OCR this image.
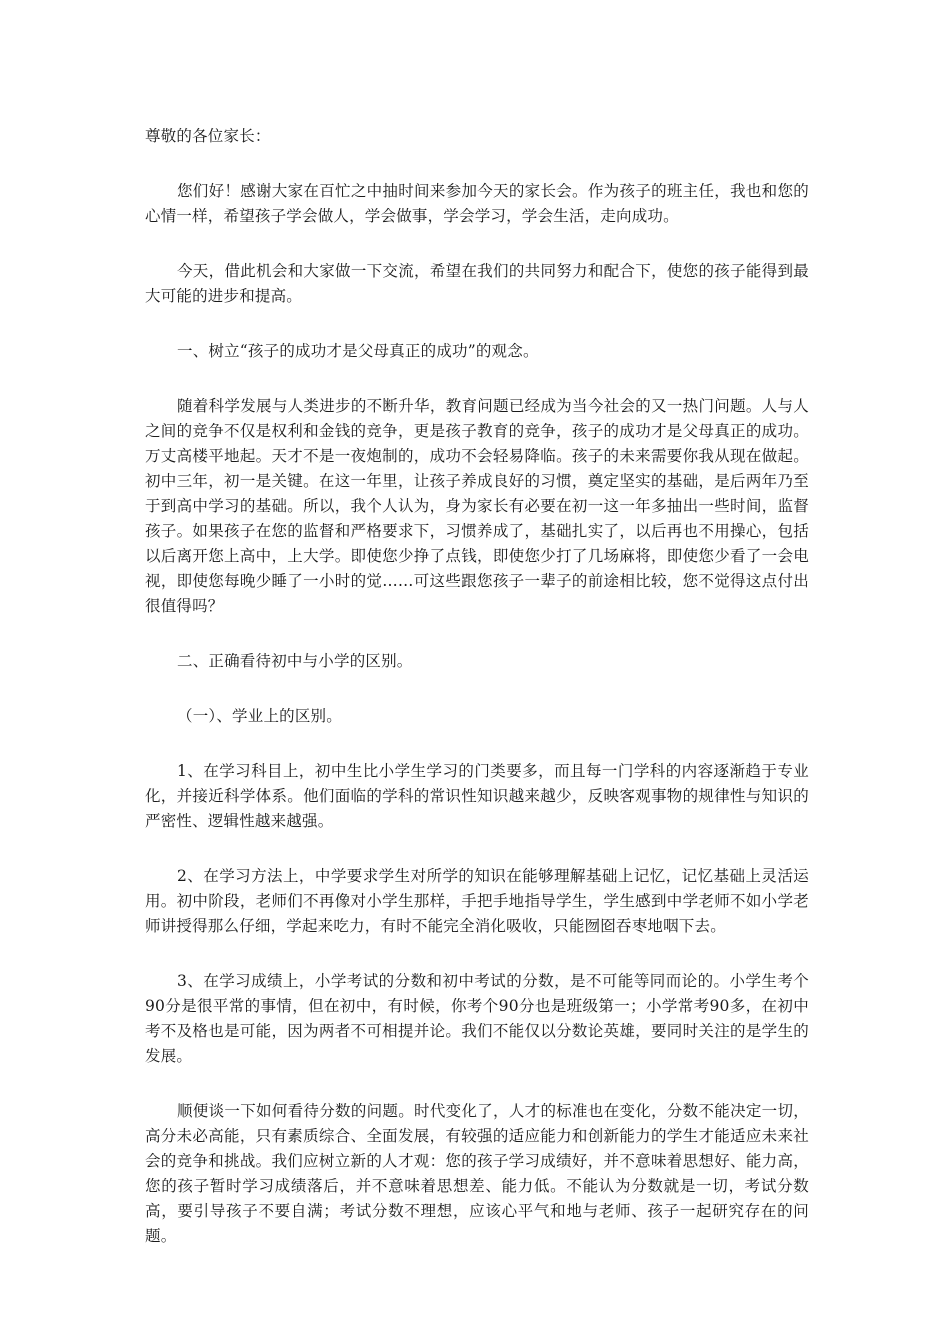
尊敬的各位家长：

您们好！感谢大家在百忙之中抽时间来参加今天的家长会。作为孩子的班主任，我也和您的心情一样，希望孩子学会做人，学会做事，学会学习，学会生活，走向成功。

今天，借此机会和大家做一下交流，希望在我们的共同努力和配合下，使您的孩子能得到最大可能的进步和提高。

一、树立“孩子的成功才是父母真正的成功”的观念。

随着科学发展与人类进步的不断升华，教育问题已经成为当今社会的又一热门问题。人与人之间的竞争不仅是权利和金钱的竞争，更是孩子教育的竞争，孩子的成功才是父母真正的成功。万丈高楼平地起。天才不是一夜炮制的，成功不会轻易降临。孩子的未来需要你我从现在做起。初中三年，初一是关键。在这一年里，让孩子养成良好的习惯，奠定坚实的基础，是后两年乃至于到高中学习的基础。所以，我个人认为，身为家长有必要在初一这一年多抽出一些时间，监督孩子。如果孩子在您的监督和严格要求下，习惯养成了，基础扎实了，以后再也不用操心，包括以后离开您上高中，上大学。即使您少挣了点钱，即使您少打了几场麻将，即使您少看了一会电视，即使您每晚少睡了一小时的觉……可这些跟您孩子一辈子的前途相比较，您不觉得这点付出很值得吗？

二、正确看待初中与小学的区别。

（一）、学业上的区别。

1、在学习科目上，初中生比小学生学习的门类要多，而且每一门学科的内容逐渐趋于专业化，并接近科学体系。他们面临的学科的常识性知识越来越少，反映客观事物的规律性与知识的严密性、逻辑性越来越强。

2、在学习方法上，中学要求学生对所学的知识在能够理解基础上记忆，记忆基础上灵活运用。初中阶段，老师们不再像对小学生那样，手把手地指导学生，学生感到中学老师不如小学老师讲授得那么仔细，学起来吃力，有时不能完全消化吸收，只能囫囵吞枣地咽下去。

3、在学习成绩上，小学考试的分数和初中考试的分数，是不可能等同而论的。小学生考个90分是很平常的事情，但在初中，有时候，你考个90分也是班级第一；小学常考90多，在初中考不及格也是可能，因为两者不可相提并论。我们不能仅以分数论英雄，要同时关注的是学生的发展。

顺便谈一下如何看待分数的问题。时代变化了，人才的标准也在变化，分数不能决定一切，高分未必高能，只有素质综合、全面发展，有较强的适应能力和创新能力的学生才能适应未来社会的竞争和挑战。我们应树立新的人才观：您的孩子学习成绩好，并不意味着思想好、能力高，您的孩子暂时学习成绩落后，并不意味着思想差、能力低。不能认为分数就是一切，考试分数高，要引导孩子不要自满；考试分数不理想，应该心平气和地与老师、孩子一起研究存在的问题。
